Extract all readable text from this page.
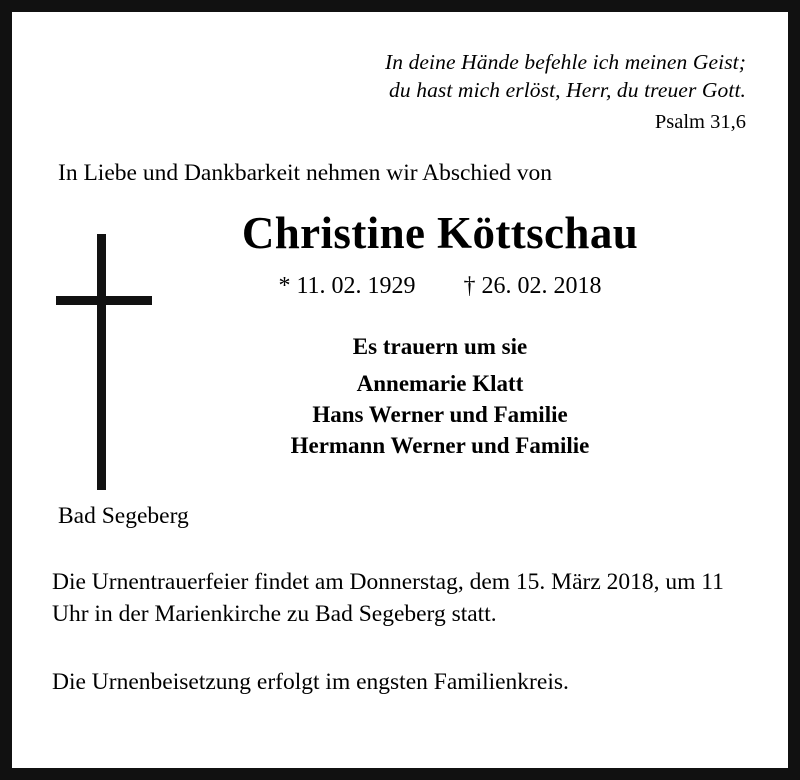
In deine Hände befehle ich meinen Geist;
du hast mich erlöst, Herr, du treuer Gott.
Psalm 31,6
In Liebe und Dankbarkeit nehmen wir Abschied von
Christine Köttschau
* 11. 02. 1929 † 26. 02. 2018
Es trauern um sie
Annemarie Klatt
Hans Werner und Familie
Hermann Werner und Familie
Bad Segeberg
Die Urnentrauerfeier findet am Donnerstag, dem 15. März 2018, um 11 Uhr in der Marienkirche zu Bad Segeberg statt.
Die Urnenbeisetzung erfolgt im engsten Familienkreis.
